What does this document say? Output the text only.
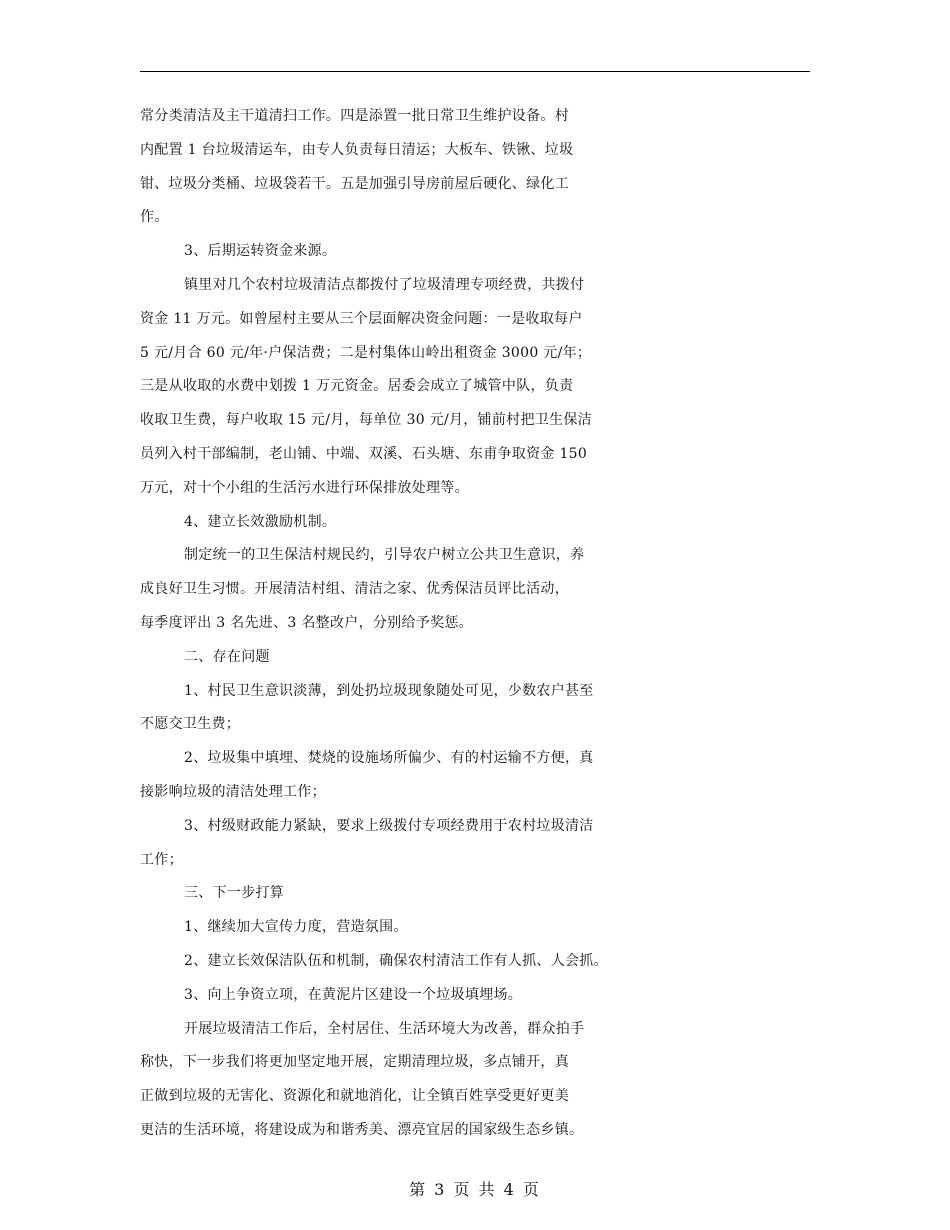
常分类清洁及主干道清扫工作。四是添置一批日常卫生维护设备。村
内配置 1 台垃圾清运车，由专人负责每日清运；大板车、铁锹、垃圾
钳、垃圾分类桶、垃圾袋若干。五是加强引导房前屋后硬化、绿化工
作。
3、后期运转资金来源。
镇里对几个农村垃圾清洁点都拨付了垃圾清理专项经费，共拨付
资金 11 万元。如曾屋村主要从三个层面解决资金问题：一是收取每户
5 元/月合 60 元/年·户保洁费；二是村集体山岭出租资金 3000 元/年；
三是从收取的水费中划拨 1 万元资金。居委会成立了城管中队，负责
收取卫生费，每户收取 15 元/月，每单位 30 元/月，铺前村把卫生保洁
员列入村干部编制，老山铺、中端、双溪、石头塘、东甫争取资金 150
万元，对十个小组的生活污水进行环保排放处理等。
4、建立长效激励机制。
制定统一的卫生保洁村规民约，引导农户树立公共卫生意识，养
成良好卫生习惯。开展清洁村组、清洁之家、优秀保洁员评比活动，
每季度评出 3 名先进、3 名整改户，分别给予奖惩。
二、存在问题
1、村民卫生意识淡薄，到处扔垃圾现象随处可见，少数农户甚至
不愿交卫生费；
2、垃圾集中填埋、焚烧的设施场所偏少、有的村运输不方便，真
接影响垃圾的清洁处理工作；
3、村级财政能力紧缺，要求上级拨付专项经费用于农村垃圾清洁
工作；
三、下一步打算
1、继续加大宣传力度，营造氛围。
2、建立长效保洁队伍和机制，确保农村清洁工作有人抓、人会抓。
3、向上争资立项，在黄泥片区建设一个垃圾填埋场。
开展垃圾清洁工作后，全村居住、生活环境大为改善，群众拍手
称快，下一步我们将更加坚定地开展，定期清理垃圾，多点铺开，真
正做到垃圾的无害化、资源化和就地消化，让全镇百姓享受更好更美
更洁的生活环境，将建设成为和谐秀美、漂亮宜居的国家级生态乡镇。
第 3 页 共 4 页
